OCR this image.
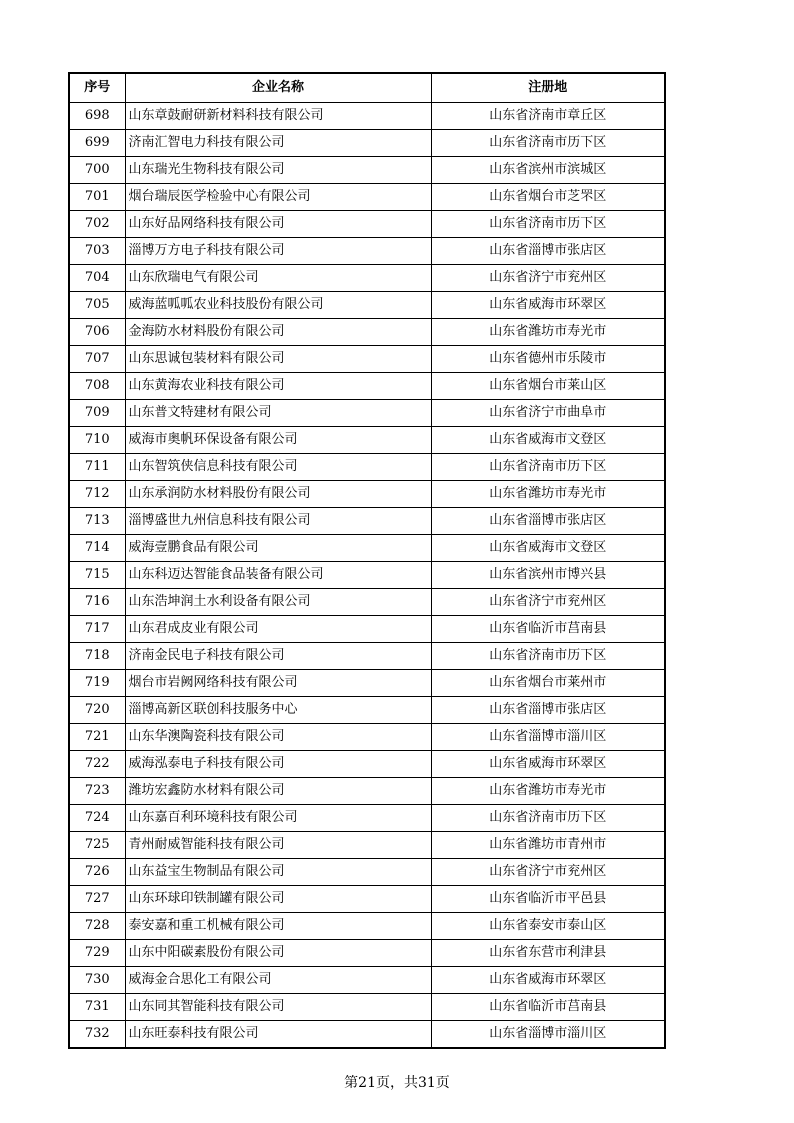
序号	企业名称	注册地
698	山东章鼓耐研新材料科技有限公司	山东省济南市章丘区
699	济南汇智电力科技有限公司	山东省济南市历下区
700	山东瑞光生物科技有限公司	山东省滨州市滨城区
701	烟台瑞辰医学检验中心有限公司	山东省烟台市芝罘区
702	山东好品网络科技有限公司	山东省济南市历下区
703	淄博万方电子科技有限公司	山东省淄博市张店区
704	山东欣瑞电气有限公司	山东省济宁市兖州区
705	威海蓝呱呱农业科技股份有限公司	山东省威海市环翠区
706	金海防水材料股份有限公司	山东省潍坊市寿光市
707	山东思诚包装材料有限公司	山东省德州市乐陵市
708	山东黄海农业科技有限公司	山东省烟台市莱山区
709	山东普文特建材有限公司	山东省济宁市曲阜市
710	威海市奥帆环保设备有限公司	山东省威海市文登区
711	山东智筑侠信息科技有限公司	山东省济南市历下区
712	山东承润防水材料股份有限公司	山东省潍坊市寿光市
713	淄博盛世九州信息科技有限公司	山东省淄博市张店区
714	威海壹鹏食品有限公司	山东省威海市文登区
715	山东科迈达智能食品装备有限公司	山东省滨州市博兴县
716	山东浩坤润土水利设备有限公司	山东省济宁市兖州区
717	山东君成皮业有限公司	山东省临沂市莒南县
718	济南金民电子科技有限公司	山东省济南市历下区
719	烟台市岩阙网络科技有限公司	山东省烟台市莱州市
720	淄博高新区联创科技服务中心	山东省淄博市张店区
721	山东华澳陶瓷科技有限公司	山东省淄博市淄川区
722	威海泓泰电子科技有限公司	山东省威海市环翠区
723	潍坊宏鑫防水材料有限公司	山东省潍坊市寿光市
724	山东嘉百利环境科技有限公司	山东省济南市历下区
725	青州耐威智能科技有限公司	山东省潍坊市青州市
726	山东益宝生物制品有限公司	山东省济宁市兖州区
727	山东环球印铁制罐有限公司	山东省临沂市平邑县
728	泰安嘉和重工机械有限公司	山东省泰安市泰山区
729	山东中阳碳素股份有限公司	山东省东营市利津县
730	威海金合思化工有限公司	山东省威海市环翠区
731	山东同其智能科技有限公司	山东省临沂市莒南县
732	山东旺泰科技有限公司	山东省淄博市淄川区
第21页，共31页
